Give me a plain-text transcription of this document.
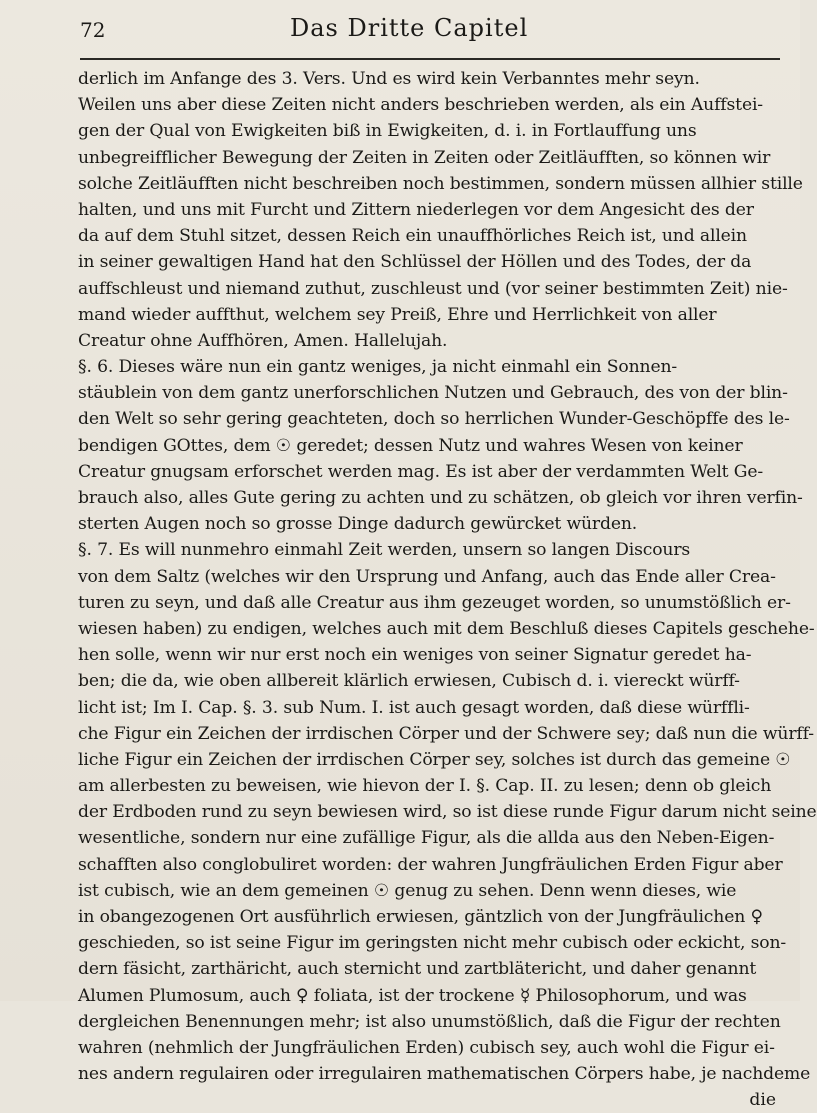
72	Das Dritte Capitel
derlich im Anfange des 3. Vers. Und es wird kein Verbanntes mehr seyn.
Weilen uns aber diese Zeiten nicht anders beschrieben werden, als ein Auffstei-
gen der Qual von Ewigkeiten biß in Ewigkeiten, d. i. in Fortlauffung uns
unbegreifflicher Bewegung der Zeiten in Zeiten oder Zeitläufften, so können wir
solche Zeitläufften nicht beschreiben noch bestimmen, sondern müssen allhier stille
halten, und uns mit Furcht und Zittern niederlegen vor dem Angesicht des der
da auf dem Stuhl sitzet, dessen Reich ein unauffhörliches Reich ist, und allein
in seiner gewaltigen Hand hat den Schlüssel der Höllen und des Todes, der da
auffschleust und niemand zuthut, zuschleust und (vor seiner bestimmten Zeit) nie-
mand wieder auffthut, welchem sey Preiß, Ehre und Herrlichkeit von aller
Creatur ohne Auffhören, Amen. Hallelujah.
§. 6. Dieses wäre nun ein gantz weniges, ja nicht einmahl ein Sonnen-
stäublein von dem gantz unerforschlichen Nutzen und Gebrauch, des von der blin-
den Welt so sehr gering geachteten, doch so herrlichen Wunder-Geschöpffe des le-
bendigen GOttes, dem ☉ geredet; dessen Nutz und wahres Wesen von keiner
Creatur gnugsam erforschet werden mag. Es ist aber der verdammten Welt Ge-
brauch also, alles Gute gering zu achten und zu schätzen, ob gleich vor ihren verfin-
sterten Augen noch so grosse Dinge dadurch gewürcket würden.
§. 7. Es will nunmehro einmahl Zeit werden, unsern so langen Discours
von dem Saltz (welches wir den Ursprung und Anfang, auch das Ende aller Crea-
turen zu seyn, und daß alle Creatur aus ihm gezeuget worden, so unumstößlich er-
wiesen haben) zu endigen, welches auch mit dem Beschluß dieses Capitels geschehe-
hen solle, wenn wir nur erst noch ein weniges von seiner Signatur geredet ha-
ben; die da, wie oben allbereit klärlich erwiesen, Cubisch d. i. viereckt würff-
licht ist; Im I. Cap. §. 3. sub Num. I. ist auch gesagt worden, daß diese würffli-
che Figur ein Zeichen der irrdischen Cörper und der Schwere sey; daß nun die würff-
liche Figur ein Zeichen der irrdischen Cörper sey, solches ist durch das gemeine ☉
am allerbesten zu beweisen, wie hievon der I. §. Cap. II. zu lesen; denn ob gleich
der Erdboden rund zu seyn bewiesen wird, so ist diese runde Figur darum nicht seine
wesentliche, sondern nur eine zufällige Figur, als die allda aus den Neben-Eigen-
schafften also conglobuliret worden: der wahren Jungfräulichen Erden Figur aber
ist cubisch, wie an dem gemeinen ☉ genug zu sehen. Denn wenn dieses, wie
in obangezogenen Ort ausführlich erwiesen, gäntzlich von der Jungfräulichen ♀
geschieden, so ist seine Figur im geringsten nicht mehr cubisch oder eckicht, son-
dern fäsicht, zarthäricht, auch sternicht und zartblätericht, und daher genannt
Alumen Plumosum, auch ♀ foliata, ist der trockene ☿ Philosophorum, und was
dergleichen Benennungen mehr; ist also unumstößlich, daß die Figur der rechten
wahren (nehmlich der Jungfräulichen Erden) cubisch sey, auch wohl die Figur ei-
nes andern regulairen oder irregulairen mathematischen Cörpers habe, je nachdeme
die
